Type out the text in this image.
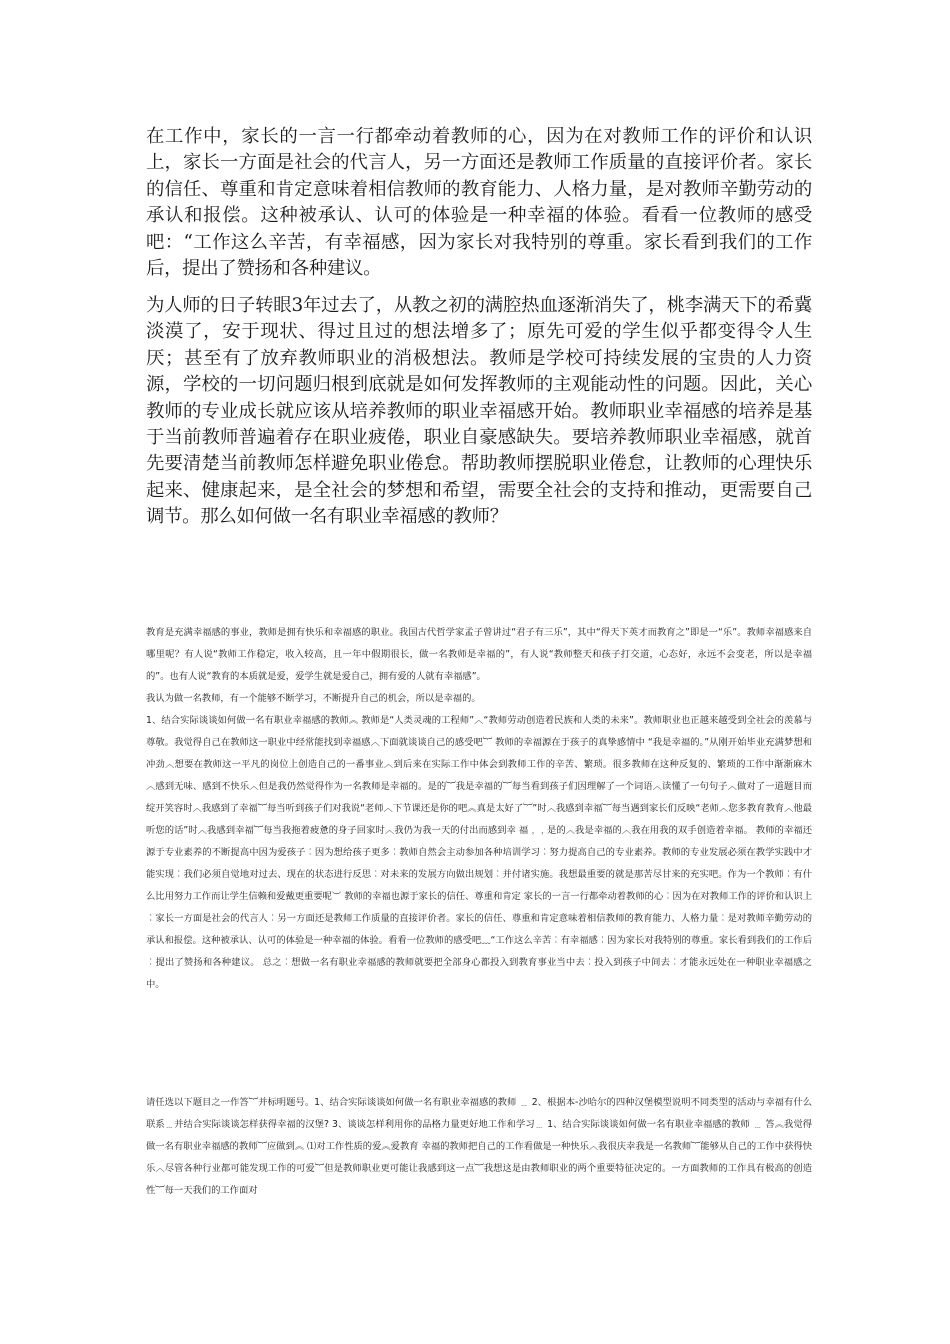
在工作中，家长的一言一行都牵动着教师的心，因为在对教师工作的评价和认识上，家长一方面是社会的代言人，另一方面还是教师工作质量的直接评价者。家长的信任、尊重和肯定意味着相信教师的教育能力、人格力量，是对教师辛勤劳动的承认和报偿。这种被承认、认可的体验是一种幸福的体验。看看一位教师的感受吧：“工作这么辛苦，有幸福感，因为家长对我特别的尊重。家长看到我们的工作后，提出了赞扬和各种建议。

为人师的日子转眼3年过去了，从教之初的满腔热血逐渐消失了，桃李满天下的希冀淡漠了，安于现状、得过且过的想法增多了；原先可爱的学生似乎都变得令人生厌；甚至有了放弃教师职业的消极想法。教师是学校可持续发展的宝贵的人力资源，学校的一切问题归根到底就是如何发挥教师的主观能动性的问题。因此，关心教师的专业成长就应该从培养教师的职业幸福感开始。教师职业幸福感的培养是基于当前教师普遍着存在职业疲倦，职业自豪感缺失。要培养教师职业幸福感，就首先要清楚当前教师怎样避免职业倦怠。帮助教师摆脱职业倦怠，让教师的心理快乐起来、健康起来，是全社会的梦想和希望，需要全社会的支持和推动，更需要自己调节。那么如何做一名有职业幸福感的教师？

教育是充满幸福感的事业，教师是拥有快乐和幸福感的职业。我国古代哲学家孟子曾讲过“君子有三乐”，其中“得天下英才而教育之”即是一“乐”。教师幸福感来自哪里呢？有人说“教师工作稳定，收入较高，且一年中假期很长，做一名教师是幸福的”，有人说“教师整天和孩子打交道，心态好，永远不会变老，所以是幸福的”。也有人说“教育的本质就是爱，爱学生就是爱自己，拥有爱的人就有幸福感”。

我认为做一名教师，有一个能够不断学习，不断提升自己的机会，所以是幸福的。

1、结合实际谈谈如何做一名有职业幸福感的教师︽ 教师是“人类灵魂的工程师”︿“教师劳动创造着民族和人类的未来”。教师职业也正越来越受到全社会的羡慕与尊敬。我觉得自己在教师这一职业中经常能找到幸福感︿下面就谈谈自己的感受吧︸ 教师的幸福源在于孩子的真挚感情中 “我是幸福的。”从刚开始毕业充满梦想和冲劲︿想要在教师这一平凡的岗位上创造自己的一番事业︿到后来在实际工作中体会到教师工作的辛苦、繁琐。很多教师在这种反复的、繁琐的工作中渐渐麻木︿感到无味、感到不快乐︿但是我仍然觉得作为一名教师是幸福的。是的︸我是幸福的︸每当看到孩子们因理解了一个词语︿读懂了一句句子︿做对了一道题目而绽开笑容时︿我感到了幸福︸每当听到孩子们对我说“老师︿下节课还是你的吧︽真是太好了︸”时︿我感到幸福︸每当遇到家长们反映“老师︿您多教育教育︿他最听您的话”时︿我感到幸福︸每当我拖着疲惫的身子回家时︿我仍为我一天的付出而感到幸 福﹐﹐是的︿我是幸福的︿我在用我的双手创造着幸福。 教师的幸福还源于专业素养的不断提高中因为爱孩子︰因为想给孩子更多︰教师自然会主动参加各种培训学习︰努力提高自己的专业素养。教师的专业发展必须在教学实践中才能实现︰我们必须自觉地对过去、现在的状态进行反思︰对未来的发展方向做出规划︰并付诸实施。我想最重要的就是那苦尽甘来的充实吧。作为一个教师︰有什么比用努力工作而让学生信赖和爱戴更重要呢︶ 教师的幸福也源于家长的信任、尊重和肯定 家长的一言一行都牵动着教师的心︰因为在对教师工作的评价和认识上︰家长一方面是社会的代言人︰另一方面还是教师工作质量的直接评价者。家长的信任、尊重和肯定意味着相信教师的教育能力、人格力量︰是对教师辛勤劳动的承认和报偿。这种被承认、认可的体验是一种幸福的体验。看看一位教师的感受吧﹏“工作这么辛苦︰有幸福感︰因为家长对我特别的尊重。家长看到我们的工作后︰提出了赞扬和各种建议。 总之︰想做一名有职业幸福感的教师就要把全部身心都投入到教育事业当中去︰投入到孩子中间去︰才能永远处在一种职业幸福感之中。

请任选以下题目之一作答︸并标明题号。1、结合实际谈谈如何做一名有职业幸福感的教师 ﹍ 2、根据本-沙哈尔的四种汉堡模型说明不同类型的活动与幸福有什么联系﹍并结合实际谈谈怎样获得幸福的汉堡? 3、谈谈怎样利用你的品格力量更好地工作和学习﹍ 1、结合实际谈谈如何做一名有职业幸福感的教师 ﹍ 答︽我觉得做一名有职业幸福感的教师︸应做到︽ ⑴对工作性质的爱︽爱教育 幸福的教师把自己的工作看做是一种快乐︿我很庆幸我是一名教师︸能够从自己的工作中获得快乐︿尽管各种行业都可能发现工作的可爱︸但是教师职业更可能让我感到这一点︸我想这是由教师职业的两个重要特征决定的。一方面教师的工作具有极高的创造性︸每一天我们的工作面对
